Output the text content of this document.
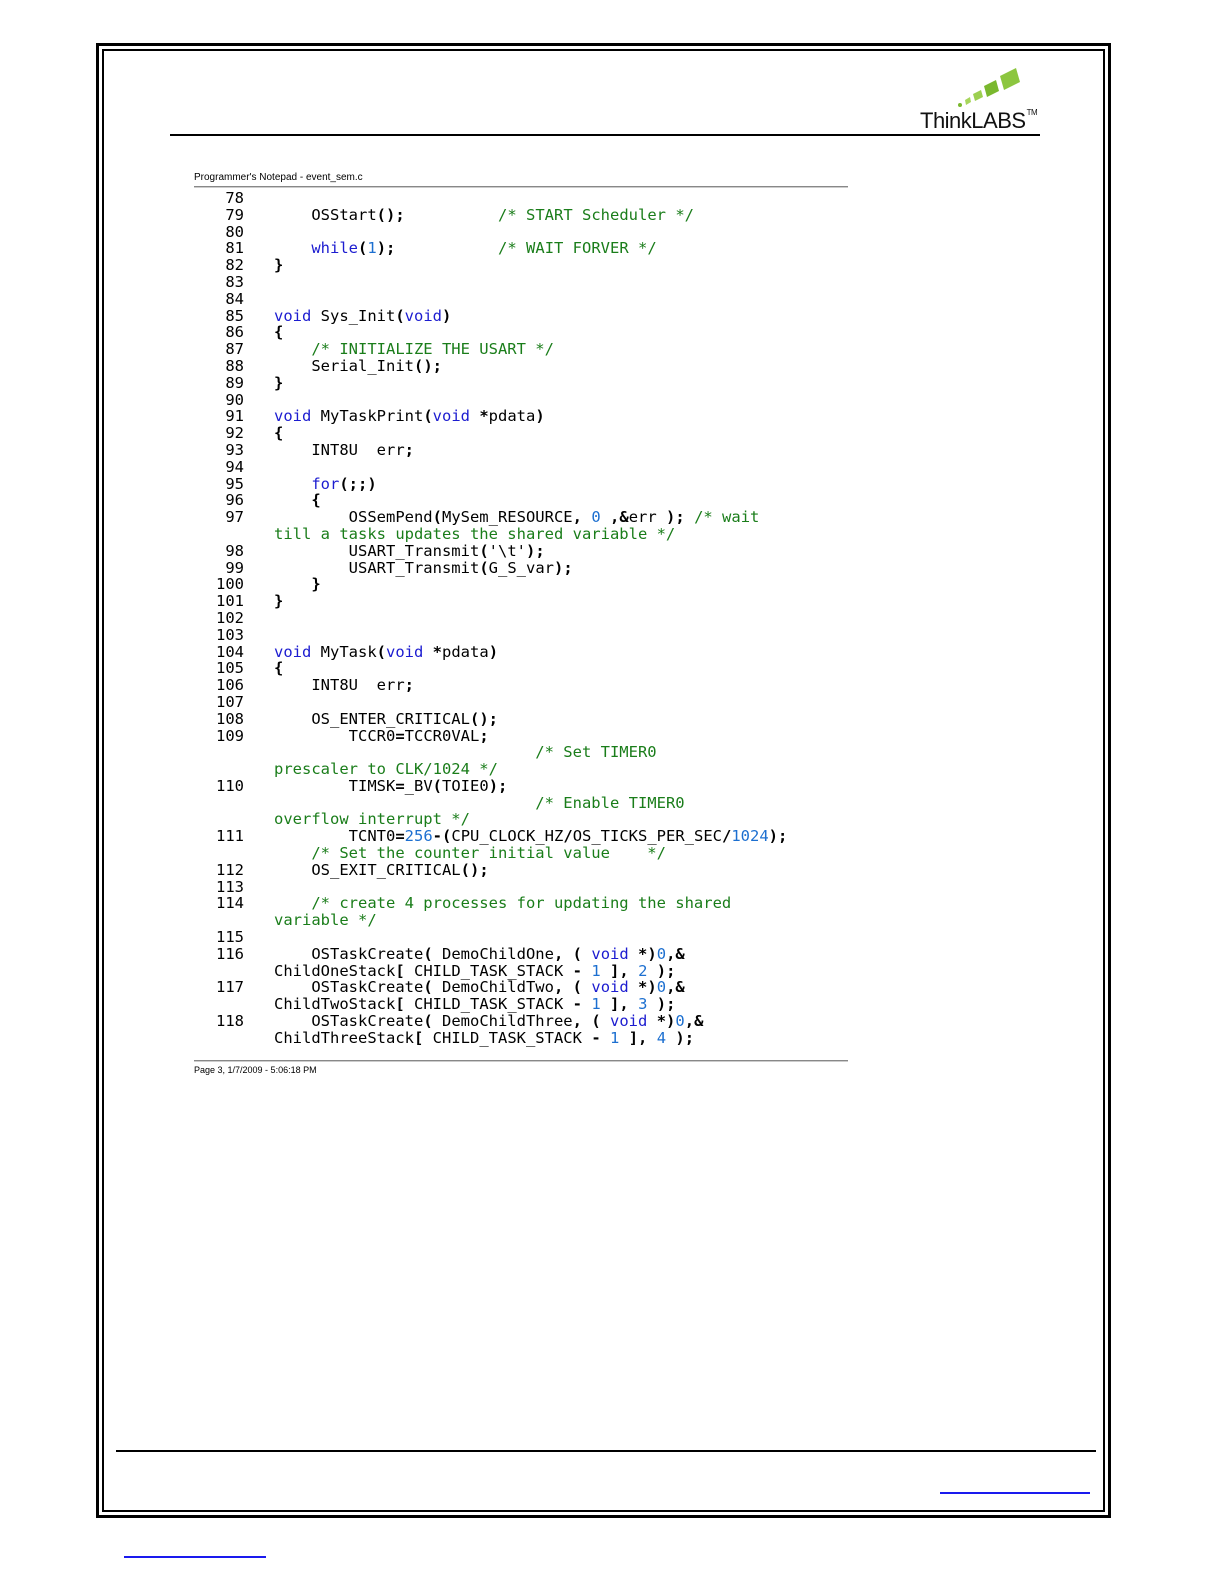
ThinkLABS™
Programmer's Notepad - event_sem.c
78
79 OSStart();	/* START Scheduler */
80
81	while(1);	/* WAIT FORVER */
82 }
83
84
85 void Sys_Init(void)
86 {
87	/* INITIALIZE THE USART */
88 Serial_Init();
89 }
90
91 void MyTaskPrint(void *pdata)
92 {
93 INT8U  err;
94
95	for(;;)
96	{
97 OSSemPend(MySem_RESOURCE, 0 ,&err ); /* wait
till a tasks updates the shared variable */
98 USART_Transmit('\t');
99 USART_Transmit(G_S_var);
100	}
101 }
102
103
104 void MyTask(void *pdata)
105 {
106 INT8U  err;
107
108 OS_ENTER_CRITICAL();
109 TCCR0=TCCR0VAL;
/* Set TIMER0
prescaler to CLK/1024 */
110 TIMSK=_BV(TOIE0);
/* Enable TIMER0
overflow interrupt */
111 TCNT0=256-(CPU_CLOCK_HZ/OS_TICKS_PER_SEC/1024);
/* Set the counter initial value    */
112 OS_EXIT_CRITICAL();
113
114	/* create 4 processes for updating the shared
variable */
115
116 OSTaskCreate( DemoChildOne, ( void *)0,&
ChildOneStack[ CHILD_TASK_STACK - 1 ], 2 );
117 OSTaskCreate( DemoChildTwo, ( void *)0,&
ChildTwoStack[ CHILD_TASK_STACK - 1 ], 3 );
118 OSTaskCreate( DemoChildThree, ( void *)0,&
ChildThreeStack[ CHILD_TASK_STACK - 1 ], 4 );
Page 3, 1/7/2009 - 5:06:18 PM
